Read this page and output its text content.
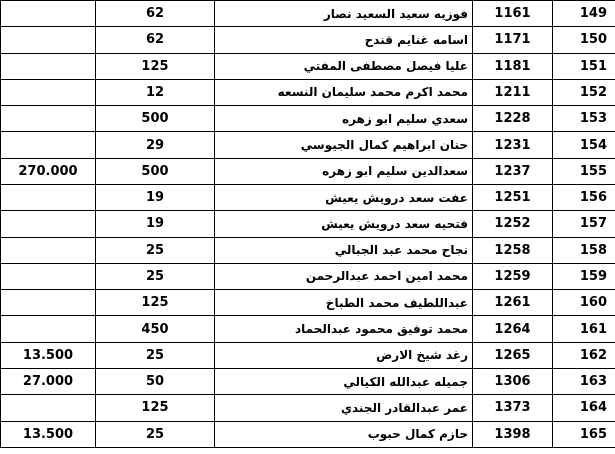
	62	فوزيه سعيد السعيد نصار	1161	149
	62	اسامه غنايم قندح	1171	150
	125	عليا فيصل مصطفى المفتي	1181	151
	12	محمد اكرم محمد سليمان النسعه	1211	152
	500	سعدي سليم ابو زهره	1228	153
	29	حنان ابراهيم كمال الجيوسي	1231	154
270.000	500	سعدالدين سليم ابو زهره	1237	155
	19	عفت سعد درويش يعيش	1251	156
	19	فتحيه سعد درويش يعيش	1252	157
	25	نجاح محمد عبد الجبالي	1258	158
	25	محمد امين احمد عبدالرحمن	1259	159
	125	عبداللطيف محمد الطباخ	1261	160
	450	محمد توفيق محمود عبدالحماد	1264	161
13.500	25	رغد شيخ الارض	1265	162
27.000	50	جميله عبدالله الكيالي	1306	163
	125	عمر عبدالقادر الجندي	1373	164
13.500	25	حازم كمال حبوب	1398	165
